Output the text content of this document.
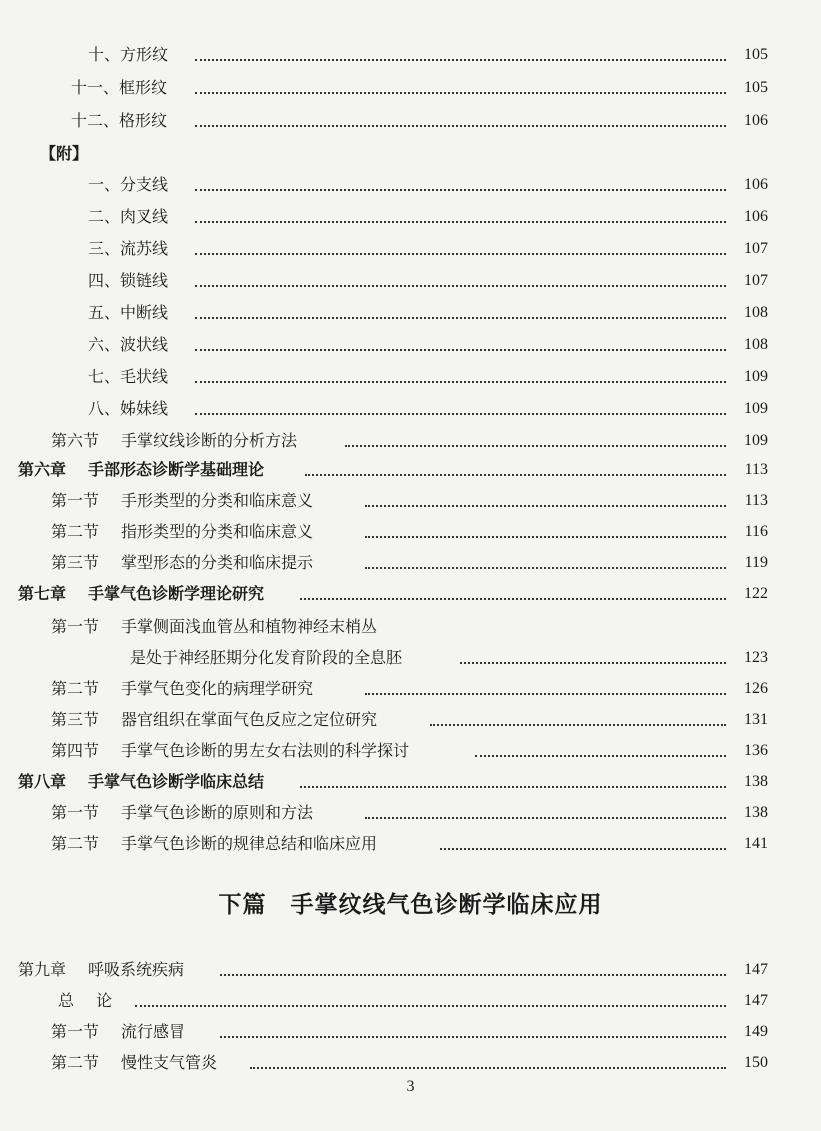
十、方形纹	105
十一、框形纹	105
十二、格形纹	106
【附】
一、分支线	106
二、肉叉线	106
三、流苏线	107
四、锁链线	107
五、中断线	108
六、波状线	108
七、毛状线	109
八、姊妹线	109
第六节 手掌纹线诊断的分析方法	109
第六章 手部形态诊断学基础理论	113
第一节 手形类型的分类和临床意义	113
第二节 指形类型的分类和临床意义	116
第三节 掌型形态的分类和临床提示	119
第七章 手掌气色诊断学理论研究	122
第一节 手掌侧面浅血管丛和植物神经末梢丛
是处于神经胚期分化发育阶段的全息胚	123
第二节 手掌气色变化的病理学研究	126
第三节 器官组织在掌面气色反应之定位研究	131
第四节 手掌气色诊断的男左女右法则的科学探讨	136
第八章 手掌气色诊断学临床总结	138
第一节 手掌气色诊断的原则和方法	138
第二节 手掌气色诊断的规律总结和临床应用	141
下篇　手掌纹线气色诊断学临床应用
第九章 呼吸系统疾病	147
总 论	147
第一节 流行感冒	149
第二节 慢性支气管炎	150
3
